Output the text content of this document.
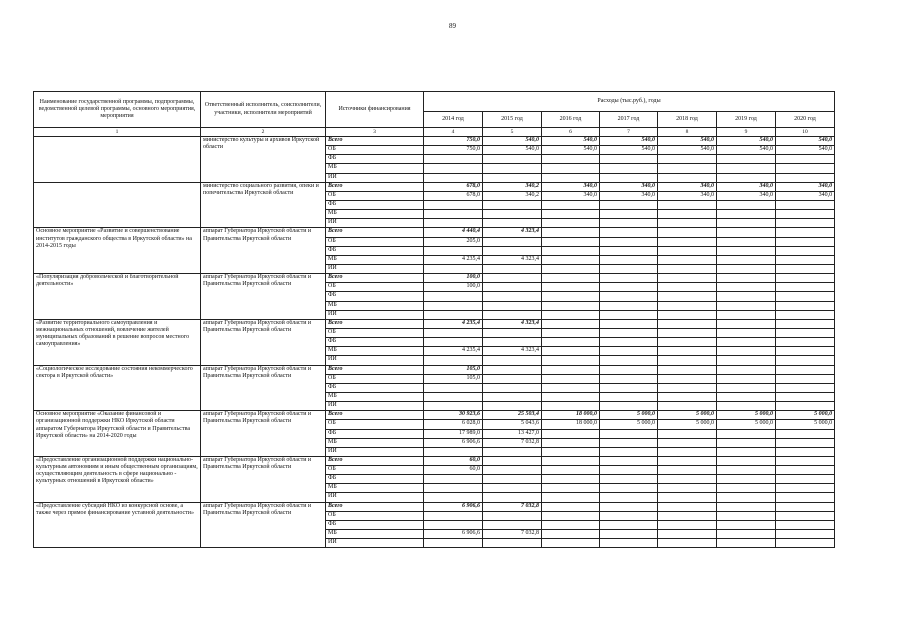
89
Наименование государственной программы, подпрограммы, ведомственной целевой программы, основного мероприятия, мероприятия	Ответственный исполнитель, соисполнители, участники, исполнители мероприятий	Источники финансирования	Расходы (тыс.руб.), годы						
			2014 год	2015 год	2016 год	2017 год	2018 год	2019 год	2020 год
1	2	3	4	5	6	7	8	9	10
	министерство культуры и архивов Иркутской области	Всего	750,0	540,0	540,0	540,0	540,0	540,0	540,0
		ОБ	750,0	540,0	540,0	540,0	540,0	540,0	540,0
		ФБ							
		МБ							
		ИИ							
	министерство социального развития, опеки и попечительства Иркутской области	Всего	678,0	340,2	340,0	340,0	340,0	340,0	340,0
		ОБ	678,0	340,2	340,0	340,0	340,0	340,0	340,0
		ФБ							
		МБ							
		ИИ							
Основное мероприятие «Развитие и совершенствование институтов гражданского общества в Иркутской области» на 2014-2015 годы	аппарат Губернатора Иркутской области и Правительства Иркутской области	Всего	4 440,4	4 323,4					
		ОБ	205,0						
		ФБ							
		МБ	4 235,4	4 323,4					
		ИИ							
«Популяризация добровольческой и благотворительной деятельности»	аппарат Губернатора Иркутской области и Правительства Иркутской области	Всего	100,0						
		ОБ	100,0						
		ФБ							
		МБ							
		ИИ							
«Развитие территориального самоуправления и межнациональных отношений, вовлечение жителей муниципальных образований в решение вопросов местного самоуправления»	аппарат Губернатора Иркутской области и Правительства Иркутской области	Всего	4 235,4	4 323,4					
		ОБ							
		ФБ							
		МБ	4 235,4	4 323,4					
		ИИ							
«Социологическое исследование состояния некоммерческого сектора в Иркутской области»	аппарат Губернатора Иркутской области и Правительства Иркутской области	Всего	105,0						
		ОБ	105,0						
		ФБ							
		МБ							
		ИИ							
Основное мероприятие «Оказание финансовой и организационной поддержки НКО Иркутской области аппаратом Губернатора Иркутской области и Правительства Иркутской области» на 2014-2020 годы	аппарат Губернатора Иркутской области и Правительства Иркутской области	Всего	30 923,6	25 503,4	18 000,0	5 000,0	5 000,0	5 000,0	5 000,0
		ОБ	6 028,0	5 043,6	18 000,0	5 000,0	5 000,0	5 000,0	5 000,0
		ФБ	17 989,0	13 427,0					
		МБ	6 906,6	7 032,8					
		ИИ							
«Предоставление организационной поддержки национально-культурным автономиям и иным общественным организациям, осуществляющим деятельность в сфере национально - культурных отношений в Иркутской области»	аппарат Губернатора Иркутской области и Правительства Иркутской области	Всего	60,0						
		ОБ	60,0						
		ФБ							
		МБ							
		ИИ							
«Предоставление субсидий НКО из конкурсной основе, а также через прямое финансирование уставной деятельности»	аппарат Губернатора Иркутской области и Правительства Иркутской области	Всего	6 906,6	7 032,8					
		ОБ							
		ФБ							
		МБ	6 906,6	7 032,8					
		ИИ							
